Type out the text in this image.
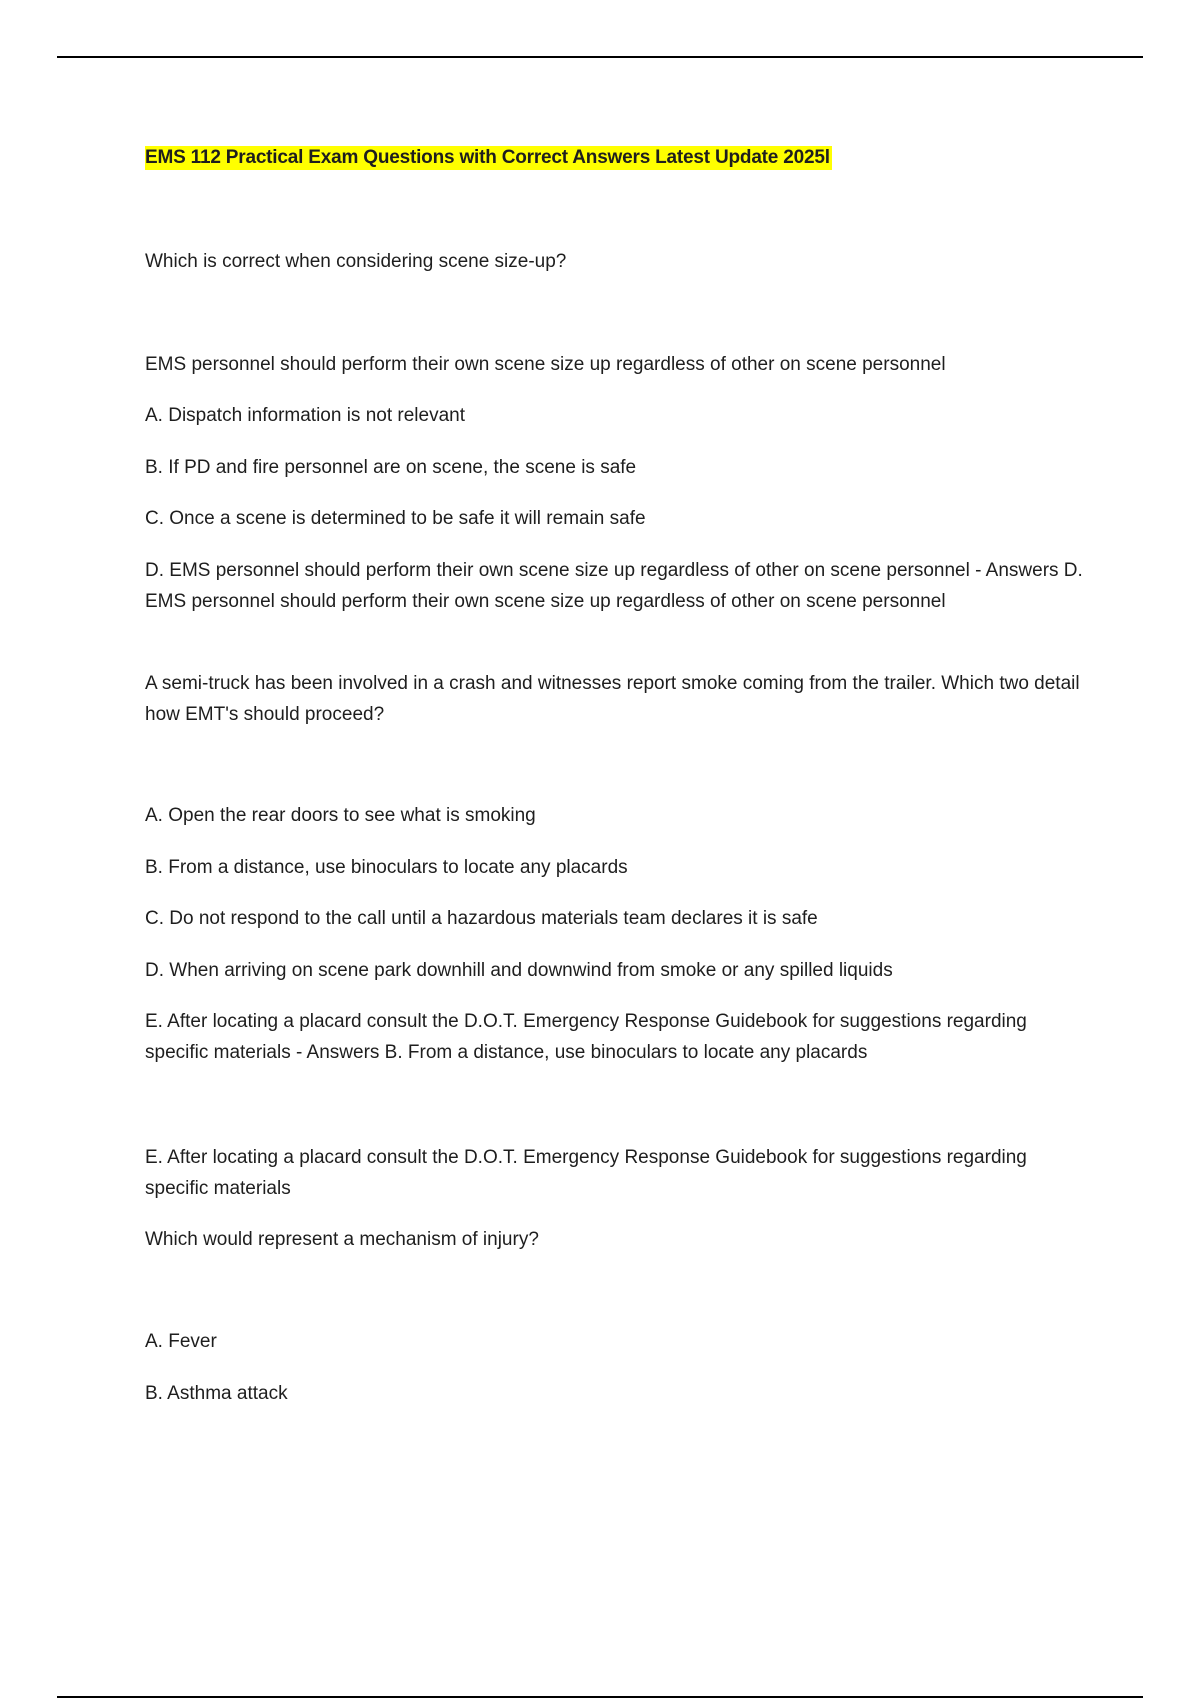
EMS 112 Practical Exam Questions with Correct Answers Latest Update 2025l

Which is correct when considering scene size-up?

EMS personnel should perform their own scene size up regardless of other on scene personnel

A. Dispatch information is not relevant

B. If PD and fire personnel are on scene, the scene is safe

C. Once a scene is determined to be safe it will remain safe

D. EMS personnel should perform their own scene size up regardless of other on scene personnel - Answers D. EMS personnel should perform their own scene size up regardless of other on scene personnel

A semi-truck has been involved in a crash and witnesses report smoke coming from the trailer. Which two detail how EMT's should proceed?

A. Open the rear doors to see what is smoking

B. From a distance, use binoculars to locate any placards

C. Do not respond to the call until a hazardous materials team declares it is safe

D. When arriving on scene park downhill and downwind from smoke or any spilled liquids

E. After locating a placard consult the D.O.T. Emergency Response Guidebook for suggestions regarding specific materials - Answers B. From a distance, use binoculars to locate any placards

E. After locating a placard consult the D.O.T. Emergency Response Guidebook for suggestions regarding specific materials

Which would represent a mechanism of injury?

A. Fever

B. Asthma attack
